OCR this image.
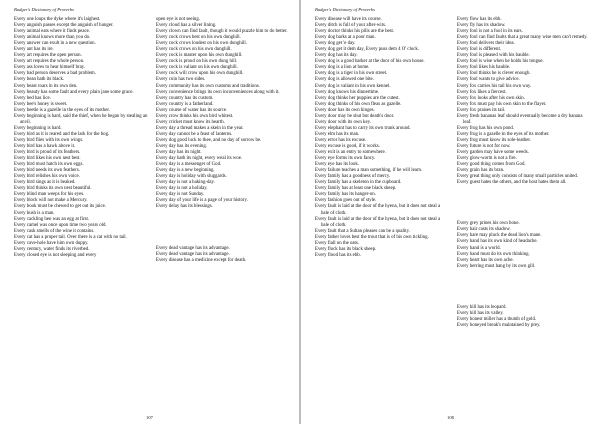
Badger's Dictionary of Proverbs

Every one loups the dyke where it's laighest.

Every anguish passes except the anguish of hunger.

Every animal eats where it finds peace.

Every animal knows more than you do.

Every answer can exult in a new question.

Every ant has its ire.

Every art requires the open person.

Every art requires the whole person.

Every ass loves to hear himself bray.

Every bad person deserves a bad problem.

Every bean hath its black.

Every beast roars in its own den.

Every beauty has some fault and every plain jane some grace.

Every bed has lice.

Every bee's honey is sweet.

Every beetle is a gazelle in the eyes of its mother.

Every beginning is hard, said the thief, when he began by stealing an anvil.

Every beginning is hard.

Every bird as it is reared and the lark for the bog.

Every bird flies with its own wings.

Every bird has a hawk above it.

Every bird is proud of its feathers.

Every bird likes his own nest best.

Every bird must hatch its own eggs.

Every bird needs its own feathers.

Every bird relishes his own voice.

Every bird sings as it is beaked.

Every bird thinks its own nest beautiful.

Every blind man weeps for his eyes.

Every block will not make a Mercury.

Every book must be chewed to get out its juice.

Every bush is a man.

Every cackling hen was an egg at first.

Every camel was once upon time two years old.

Every cask smells of the wine it contains.

Every cat has a proper tail. Over there is a cat with no tail.

Every cave-hole have him own duppy.

Every century, water finds its riverbed.

Every closed eye is not sleeping and every

open eye is not seeing.

Every cloud has a silver lining.

Every clown can find fault, though it would puzzle him to do better.

Every cock crows best on his own dunghill.

Every cock crows loudest on his own dunghill.

Every cock crows on his own dunghill.

Every cock is master upon his own dunghill.

Every cock is proud on his own dung hill.

Every cock is valiant on his own dunghill.

Every cock will crow upon his own dunghill.

Every coin has two sides.

Every community has its own customs and traditions.

Every convenience brings its own inconveniences along with it.

Every country has its custom.

Every country is a fatherland.

Every course of water has its source.

Every crow thinks his own bird whitest.

Every cricket must know its hearth.

Every day a thread makes a skein in the year.

Every day cannot be a feast of lanterns.

Every dog good luck to thee, and no day of sorrow be.

Every day has its evening.

Every day has its night.

Every day hath its night, every weal its woe.

Every day is a messenger of God.

Every day is a new beginning.

Every day is holiday with sluggards.

Every day is not a baking-day.

Every day is not a holiday.

Every day is not Sunday.

Every day of your life is a page of your history.

Every delay has its blessings.

Every dead vantage has its advantage.

Every dead vantage has its advantage.

Every disease has a medicine except for death.

107
Badger's Dictionary of Proverbs

Every disease will have its course.

Every ditch is full of your after-wits.

Every doctor thinks his pills are the best.

Every dog barks at a poor man.

Every dog get 'e day.

Every dog get it dem day, Every puss dem 4 O' clock.

Every dog has its day.

Every dog is a good barker at the door of his own house.

Every dog is a lion at home.

Every dog is a tiger in his own street.

Every dog is allowed one bite.

Every dog is valiant in his own kennel.

Every dog knows his dinnertime.

Every dog thinks her puppies are the cutest.

Every dog thinks of his own fleas as gazelle.

Every door has its own hinges.

Every door may be shut but death's door.

Every door with its own key.

Every elephant has to carry its own trunk around.

Every elm has its man.

Every error has its excuse.

Every excuse is good, if it works.

Every exit is an entry to somewhere.

Every eye forms its own fancy.

Every eye has its look.

Every failure teaches a man something, if he will learn.

Every family has a goodness of mercy.

Every family has a skeleton in the cupboard.

Every family has at least one black sheep.

Every family has its hanger-on.

Every fashion goes out of style.

Every fault is laid at the door of the hyena, but it does not steal a bale of cloth.

Every fault is laid at the door of the hyena, but it does not steal a bale of cloth.

Every fault that a Sultan pleases can be a quality.

Every father loves best the trout that is of his own tickling.

Every fiall on the oats.

Every flock has its black sheep.

Every flood has its ebb.

Every flow has its ebb.

Every fly has its shadow.

Every fool is not a fool in its ears.

Every fool can find faults that a great many wise men can't remedy.

Every fool delivers their idea.

Every fool is different.

Every fool is pleased with his bauble.

Every fool is wise when he holds his tongue.

Every fool likes his bauble.

Every fool thinks he is clever enough.

Every fool wants to give advice.

Every fox carries his tail his own way.

Every fox likes a fiercest.

Every fox looks after his own skin.

Every fox must pay his own skin to the flayer.

Every fox praises its tail.

Every fresh bananas leaf should eventually become a dry banana leaf.

Every frog has his own pond.

Every frog is a gazelle in the eyes of its mother.

Every frog must know its sole-leather.

Every future is not for now.

Every garden may have some weeds.

Every glow-worm is not a fire.

Every good thing comes from God.

Every grain has its bran.

Every great thing only consists of many small particles united.

Every guest hates the others, and the host hates them all.

Every grey prines his own bone.

Every hair casts its shadow.

Every hare may pluck the dead lion's mane.

Every hand has its own kind of headache.

Every hand is a world.

Every hand must do its own thinking.

Every heart has its own ache.

Every herring must hang by its own gill.

Every hill has its leopard.

Every hill has its valley.

Every honest miller has a thumb of gold.

Every honeyed break's maintained by prey.

108
